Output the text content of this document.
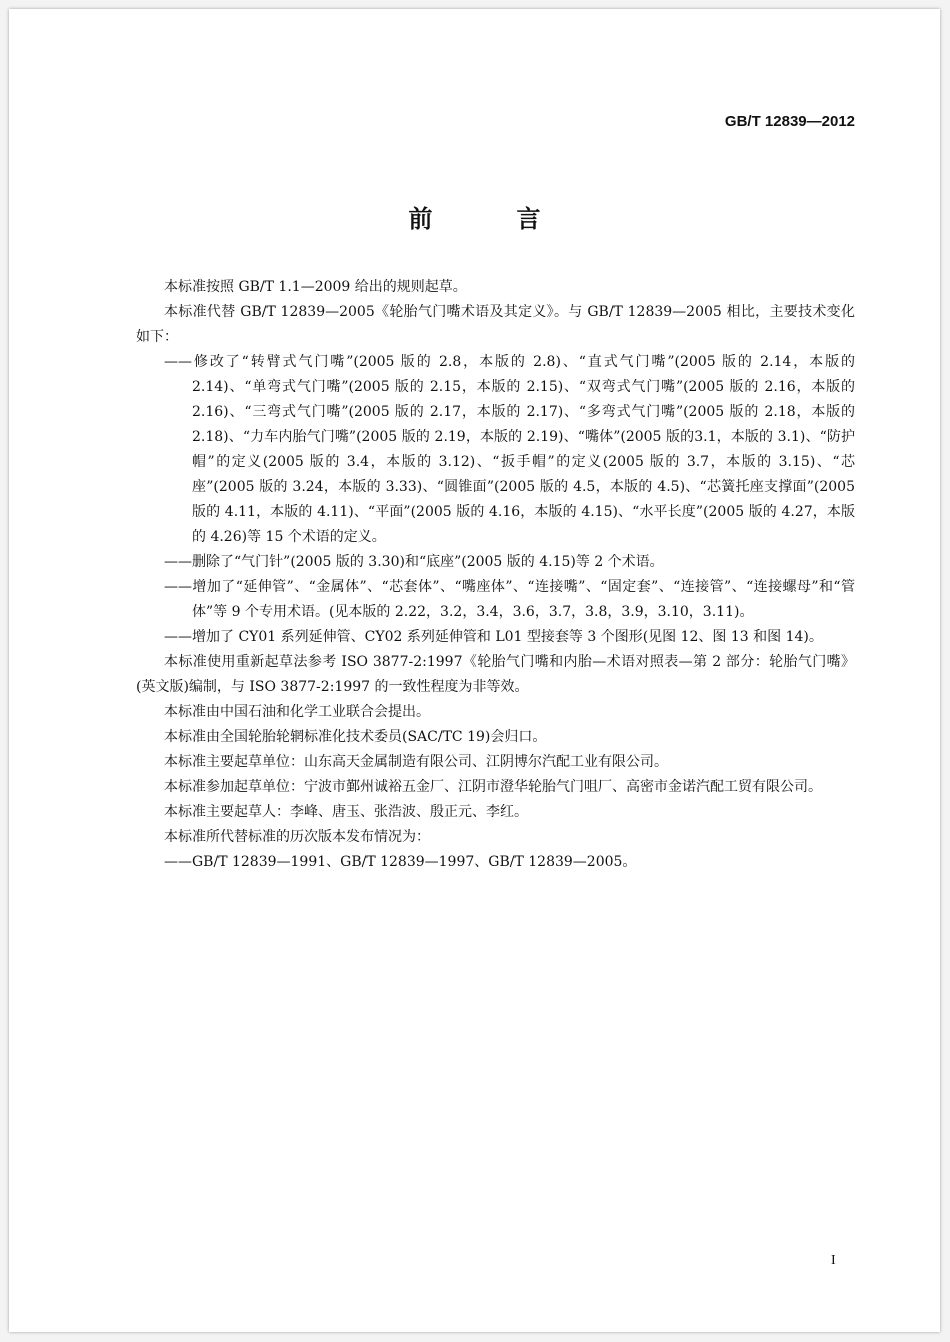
GB/T 12839—2012
前　言

本标准按照 GB/T 1.1—2009 给出的规则起草。

本标准代替 GB/T 12839—2005《轮胎气门嘴术语及其定义》。与 GB/T 12839—2005 相比，主要技术变化如下：

——修改了“转臂式气门嘴”(2005 版的 2.8，本版的 2.8)、“直式气门嘴”(2005 版的 2.14，本版的 2.14)、“单弯式气门嘴”(2005 版的 2.15，本版的 2.15)、“双弯式气门嘴”(2005 版的 2.16，本版的2.16)、“三弯式气门嘴”(2005 版的 2.17，本版的 2.17)、“多弯式气门嘴”(2005 版的 2.18，本版的2.18)、“力车内胎气门嘴”(2005 版的 2.19，本版的 2.19)、“嘴体”(2005 版的3.1，本版的 3.1)、“防护帽”的定义(2005 版的 3.4，本版的 3.12)、“扳手帽”的定义(2005 版的 3.7，本版的 3.15)、“芯座”(2005 版的 3.24，本版的 3.33)、“圆锥面”(2005 版的 4.5，本版的 4.5)、“芯簧托座支撑面”(2005 版的 4.11，本版的 4.11)、“平面”(2005 版的 4.16，本版的 4.15)、“水平长度”(2005 版的 4.27，本版的 4.26)等 15 个术语的定义。

——删除了“气门针”(2005 版的 3.30)和“底座”(2005 版的 4.15)等 2 个术语。

——增加了“延伸管”、“金属体”、“芯套体”、“嘴座体”、“连接嘴”、“固定套”、“连接管”、“连接螺母”和“管体”等 9 个专用术语。(见本版的 2.22，3.2，3.4，3.6，3.7，3.8，3.9，3.10，3.11)。

——增加了 CY01 系列延伸管、CY02 系列延伸管和 L01 型接套等 3 个图形(见图 12、图 13 和图 14)。

本标准使用重新起草法参考 ISO 3877-2:1997《轮胎气门嘴和内胎—术语对照表—第 2 部分：轮胎气门嘴》(英文版)编制，与 ISO 3877-2:1997 的一致性程度为非等效。

本标准由中国石油和化学工业联合会提出。

本标准由全国轮胎轮辋标准化技术委员(SAC/TC 19)会归口。

本标准主要起草单位：山东高天金属制造有限公司、江阴博尔汽配工业有限公司。

本标准参加起草单位：宁波市鄞州诚裕五金厂、江阴市澄华轮胎气门咀厂、高密市金诺汽配工贸有限公司。

本标准主要起草人：李峰、唐玉、张浩波、殷正元、李红。

本标准所代替标准的历次版本发布情况为：

——GB/T 12839—1991、GB/T 12839—1997、GB/T 12839—2005。

I
